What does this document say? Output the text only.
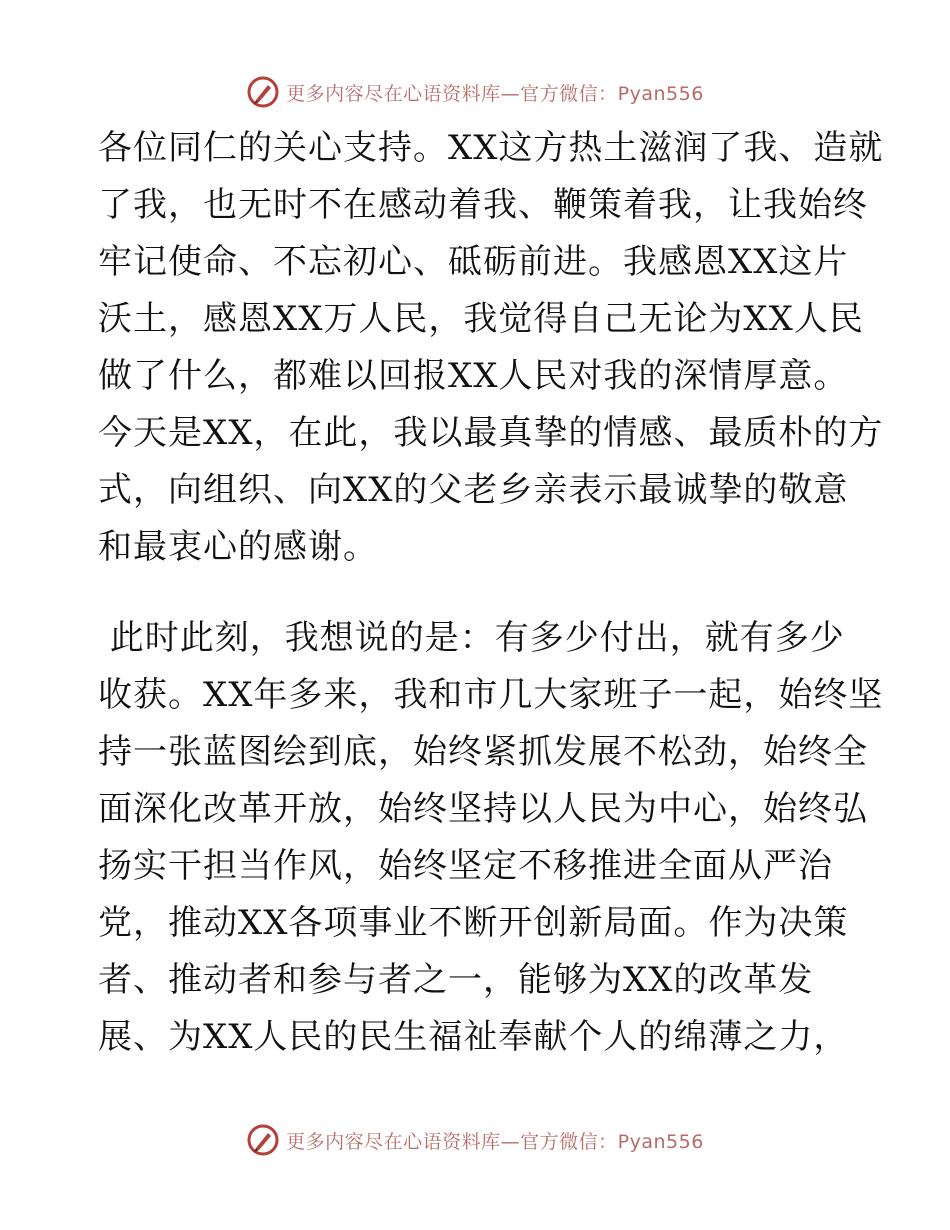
更多内容尽在心语资料库—官方微信：Pyan556
各位同仁的关心支持。XX这方热土滋润了我、造就
了我，也无时不在感动着我、鞭策着我，让我始终
牢记使命、不忘初心、砥砺前进。我感恩XX这片
沃土，感恩XX万人民，我觉得自己无论为XX人民
做了什么，都难以回报XX人民对我的深情厚意。
今天是XX，在此，我以最真挚的情感、最质朴的方
式，向组织、向XX的父老乡亲表示最诚挚的敬意
和最衷心的感谢。
此时此刻，我想说的是：有多少付出，就有多少
收获。XX年多来，我和市几大家班子一起，始终坚
持一张蓝图绘到底，始终紧抓发展不松劲，始终全
面深化改革开放，始终坚持以人民为中心，始终弘
扬实干担当作风，始终坚定不移推进全面从严治
党，推动XX各项事业不断开创新局面。作为决策
者、推动者和参与者之一，能够为XX的改革发
展、为XX人民的民生福祉奉献个人的绵薄之力，
更多内容尽在心语资料库—官方微信：Pyan556
